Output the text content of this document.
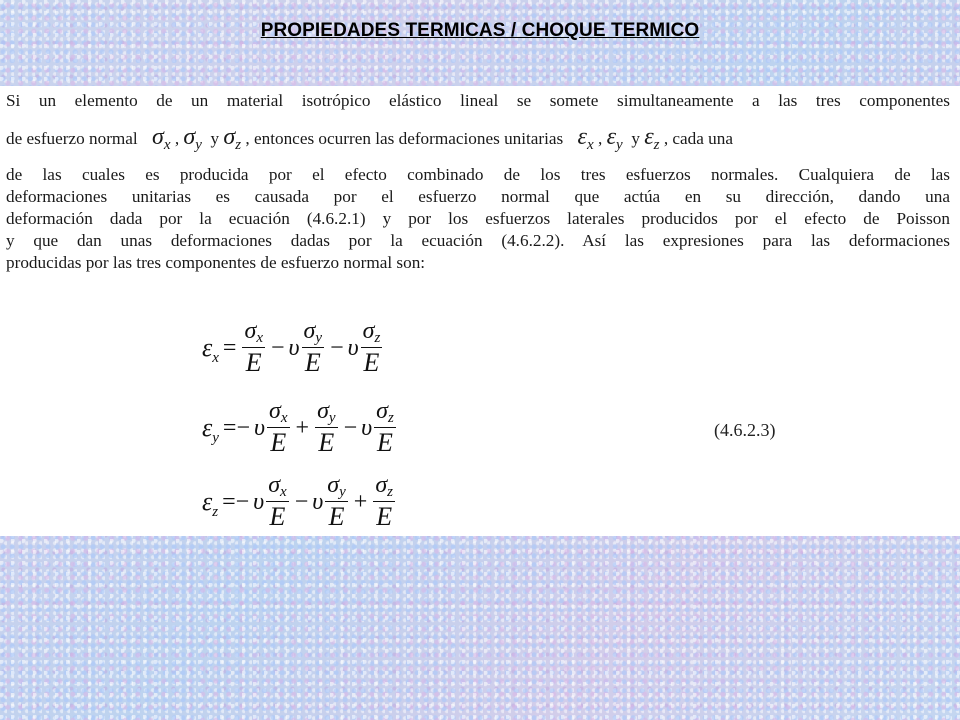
PROPIEDADES TERMICAS / CHOQUE TERMICO
Si un elemento de un material isotrópico elástico lineal se somete simultaneamente a las tres componentes
de esfuerzo normal σx , σy y σz , entonces ocurren las deformaciones unitarias εx , εy y εz , cada una
de las cuales es producida por el efecto combinado de los tres esfuerzos normales. Cualquiera de las
deformaciones unitarias es causada por el esfuerzo normal que actúa en su dirección, dando una
deformación dada por la ecuación (4.6.2.1) y por los esfuerzos laterales producidos por el efecto de Poisson
y que dan unas deformaciones dadas por la ecuación (4.6.2.2). Así las expresiones para las deformaciones
producidas por las tres componentes de esfuerzo normal son:
$\varepsilon_x = \frac{\sigma x}{E} - \upsilon \frac{\sigma y}{E} - \upsilon \frac{\sigma z}{E}$
$\varepsilon_y =- \upsilon \frac{\sigma x}{E} + \frac{\sigma y}{E} - \upsilon \frac{\sigma z}{E}$
$\varepsilon_z =- \upsilon \frac{\sigma x}{E} - \upsilon \frac{\sigma y}{E} + \frac{\sigma z}{E}$
(4.6.2.3)
